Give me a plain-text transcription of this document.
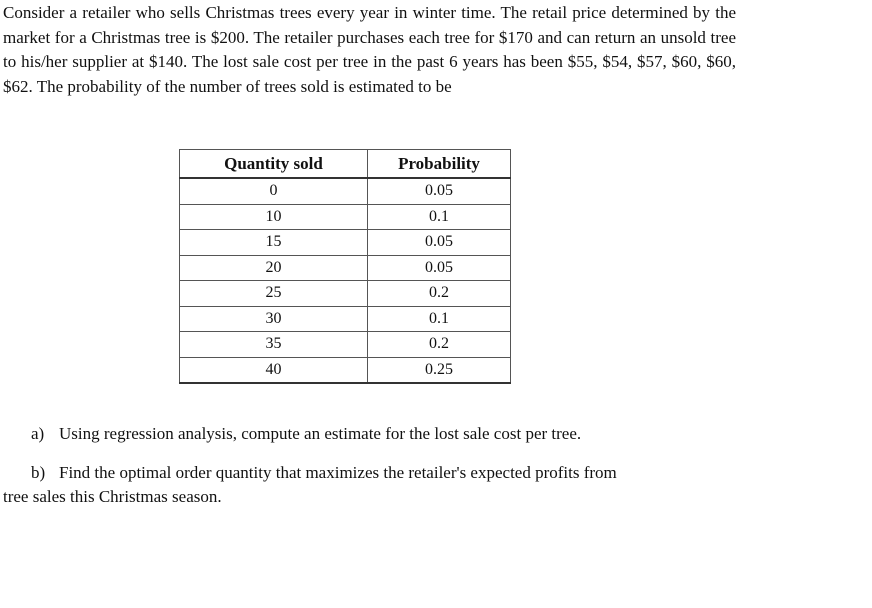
Consider a retailer who sells Christmas trees every year in winter time. The retail price determined by the market for a Christmas tree is $200. The retailer purchases each tree for $170 and can return an unsold tree to his/her supplier at $140. The lost sale cost per tree in the past 6 years has been $55, $54, $57, $60, $60, $62. The probability of the number of trees sold is estimated to be

Quantity sold	Probability
0	0.05
10	0.1
15	0.05
20	0.05
25	0.2
30	0.1
35	0.2
40	0.25

a) Using regression analysis, compute an estimate for the lost sale cost per tree.

b) Find the optimal order quantity that maximizes the retailer's expected profits from
tree sales this Christmas season.
